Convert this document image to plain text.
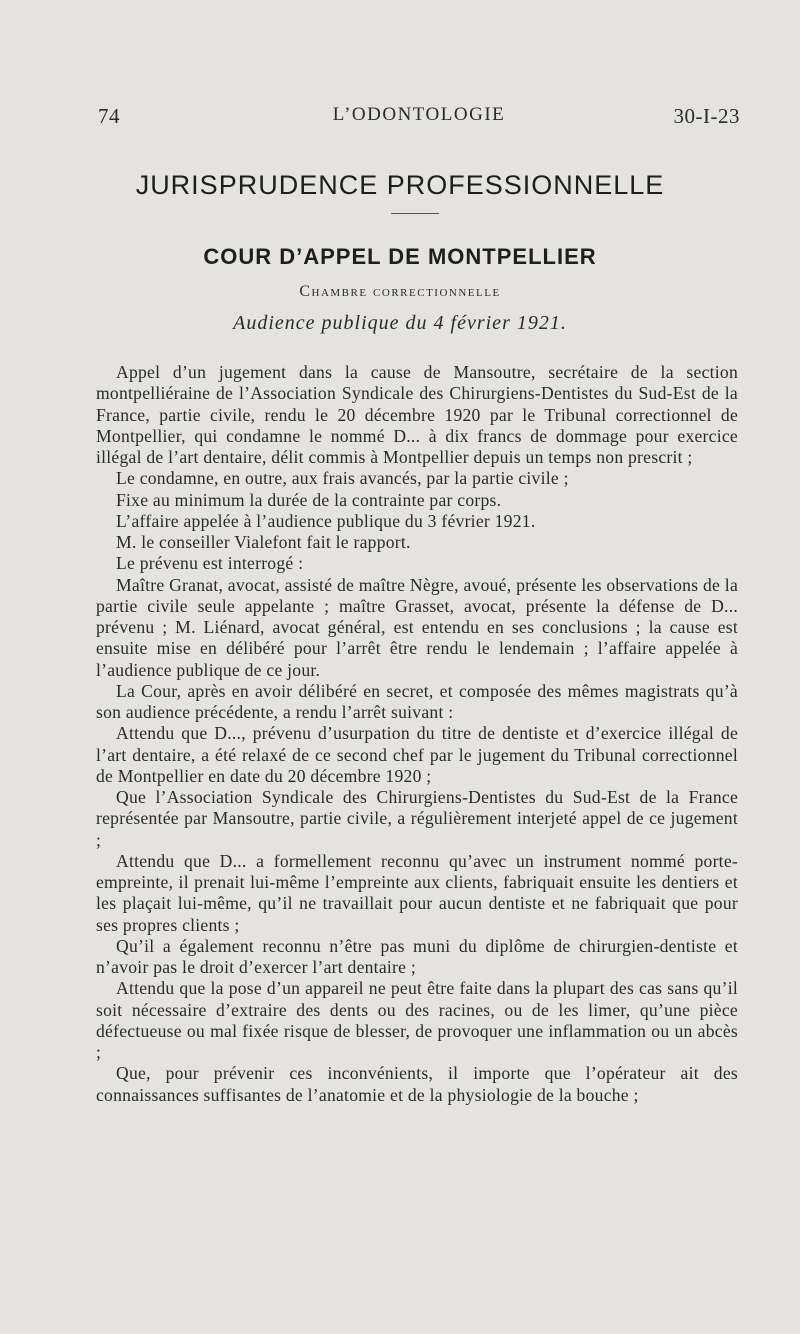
74	L’ODONTOLOGIE	30-I-23
JURISPRUDENCE PROFESSIONNELLE
COUR D’APPEL DE MONTPELLIER
Chambre correctionnelle
Audience publique du 4 février 1921.

Appel d’un jugement dans la cause de Mansoutre, secrétaire de la section montpelliéraine de l’Association Syndicale des Chirurgiens-Dentistes du Sud-Est de la France, partie civile, rendu le 20 décembre 1920 par le Tribunal correctionnel de Montpellier, qui condamne le nommé D... à dix francs de dommage pour exercice illégal de l’art dentaire, délit commis à Montpellier depuis un temps non prescrit ;

Le condamne, en outre, aux frais avancés, par la partie civile ;

Fixe au minimum la durée de la contrainte par corps.

L’affaire appelée à l’audience publique du 3 février 1921.

M. le conseiller Vialefont fait le rapport.

Le prévenu est interrogé :

Maître Granat, avocat, assisté de maître Nègre, avoué, présente les observations de la partie civile seule appelante ; maître Grasset, avocat, présente la défense de D... prévenu ; M. Liénard, avocat général, est entendu en ses conclusions ; la cause est ensuite mise en délibéré pour l’arrêt être rendu le lendemain ; l’affaire appelée à l’audience publique de ce jour.

La Cour, après en avoir délibéré en secret, et composée des mêmes magistrats qu’à son audience précédente, a rendu l’arrêt suivant :

Attendu que D..., prévenu d’usurpation du titre de dentiste et d’exercice illégal de l’art dentaire, a été relaxé de ce second chef par le jugement du Tribunal correctionnel de Montpellier en date du 20 décembre 1920 ;

Que l’Association Syndicale des Chirurgiens-Dentistes du Sud-Est de la France représentée par Mansoutre, partie civile, a régulièrement interjeté appel de ce jugement ;

Attendu que D... a formellement reconnu qu’avec un instrument nommé porte-empreinte, il prenait lui-même l’empreinte aux clients, fabriquait ensuite les dentiers et les plaçait lui-même, qu’il ne travaillait pour aucun dentiste et ne fabriquait que pour ses propres clients ;

Qu’il a également reconnu n’être pas muni du diplôme de chirurgien-dentiste et n’avoir pas le droit d’exercer l’art dentaire ;

Attendu que la pose d’un appareil ne peut être faite dans la plupart des cas sans qu’il soit nécessaire d’extraire des dents ou des racines, ou de les limer, qu’une pièce défectueuse ou mal fixée risque de blesser, de provoquer une inflammation ou un abcès ;

Que, pour prévenir ces inconvénients, il importe que l’opérateur ait des connaissances suffisantes de l’anatomie et de la physiologie de la bouche ;
